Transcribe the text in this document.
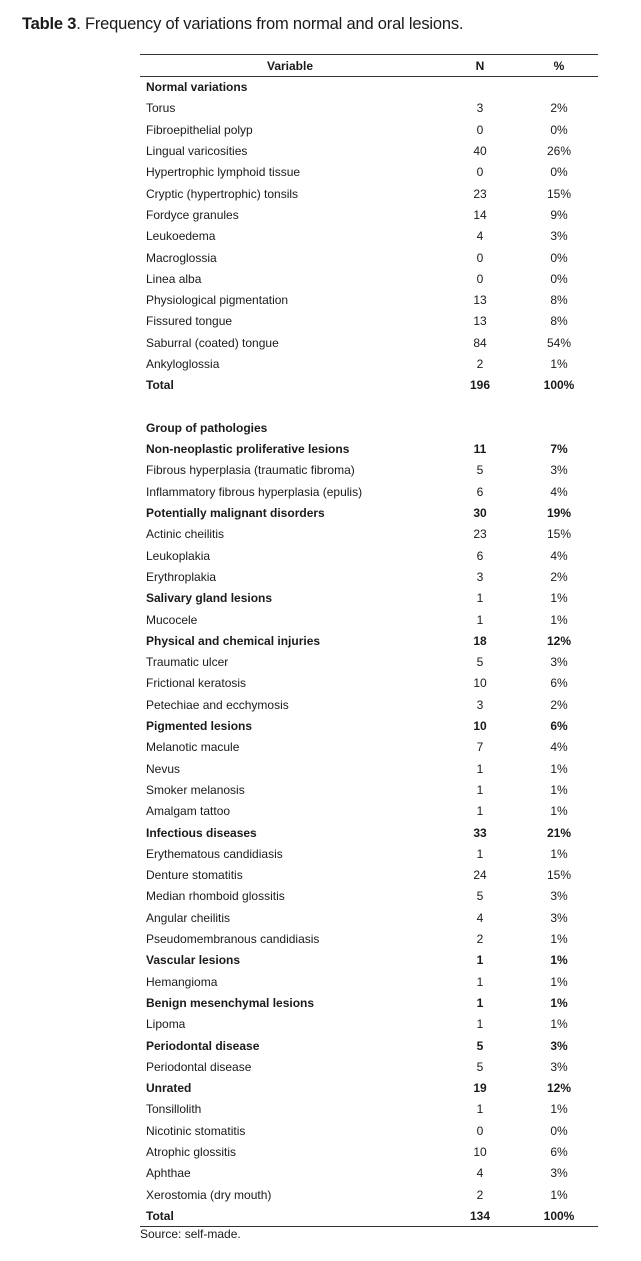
Table 3. Frequency of variations from normal and oral lesions.
Variable	N	%
Normal variations		
Torus	3	2%
Fibroepithelial polyp	0	0%
Lingual varicosities	40	26%
Hypertrophic lymphoid tissue	0	0%
Cryptic (hypertrophic) tonsils	23	15%
Fordyce granules	14	9%
Leukoedema	4	3%
Macroglossia	0	0%
Linea alba	0	0%
Physiological pigmentation	13	8%
Fissured tongue	13	8%
Saburral (coated) tongue	84	54%
Ankyloglossia	2	1%
Total	196	100%

Group of pathologies		
Non-neoplastic proliferative lesions	11	7%
Fibrous hyperplasia (traumatic fibroma)	5	3%
Inflammatory fibrous hyperplasia (epulis)	6	4%
Potentially malignant disorders	30	19%
Actinic cheilitis	23	15%
Leukoplakia	6	4%
Erythroplakia	3	2%
Salivary gland lesions	1	1%
Mucocele	1	1%
Physical and chemical injuries	18	12%
Traumatic ulcer	5	3%
Frictional keratosis	10	6%
Petechiae and ecchymosis	3	2%
Pigmented lesions	10	6%
Melanotic macule	7	4%
Nevus	1	1%
Smoker melanosis	1	1%
Amalgam tattoo	1	1%
Infectious diseases	33	21%
Erythematous candidiasis	1	1%
Denture stomatitis	24	15%
Median rhomboid glossitis	5	3%
Angular cheilitis	4	3%
Pseudomembranous candidiasis	2	1%
Vascular lesions	1	1%
Hemangioma	1	1%
Benign mesenchymal lesions	1	1%
Lipoma	1	1%
Periodontal disease	5	3%
Periodontal disease	5	3%
Unrated	19	12%
Tonsillolith	1	1%
Nicotinic stomatitis	0	0%
Atrophic glossitis	10	6%
Aphthae	4	3%
Xerostomia (dry mouth)	2	1%
Total	134	100%
Source: self-made.
